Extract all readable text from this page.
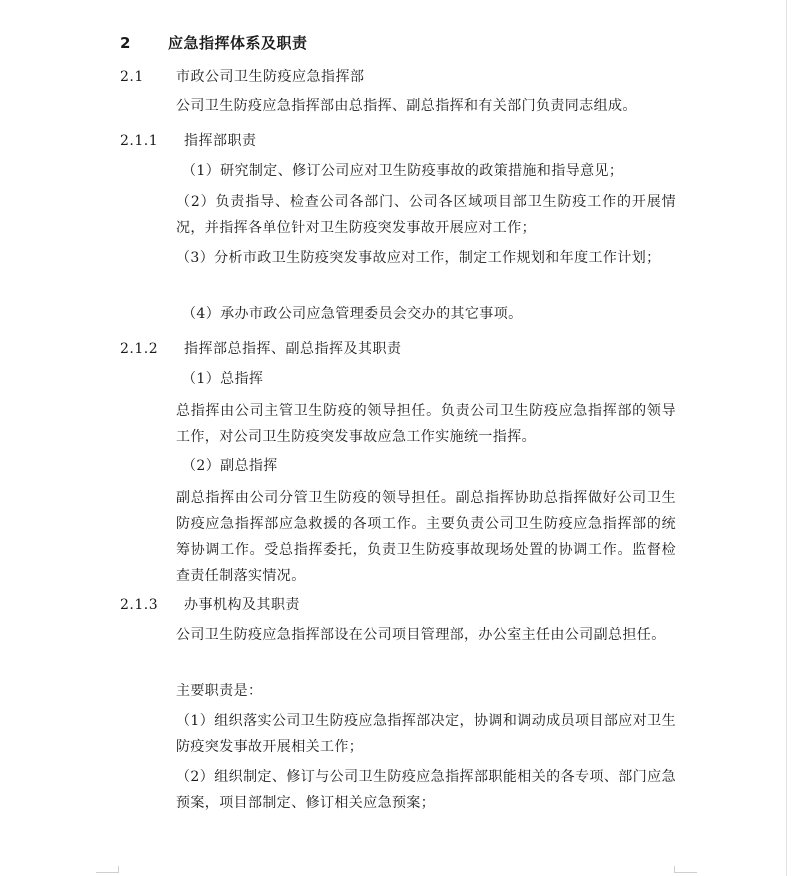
2 应急指挥体系及职责
2.1 市政公司卫生防疫应急指挥部

公司卫生防疫应急指挥部由总指挥、副总指挥和有关部门负责同志组成。

2.1.1 指挥部职责

（1）研究制定、修订公司应对卫生防疫事故的政策措施和指导意见；

（2）负责指导、检查公司各部门、公司各区域项目部卫生防疫工作的开展情况，并指挥各单位针对卫生防疫突发事故开展应对工作；

（3）分析市政卫生防疫突发事故应对工作，制定工作规划和年度工作计划；

（4）承办市政公司应急管理委员会交办的其它事项。

2.1.2 指挥部总指挥、副总指挥及其职责

（1）总指挥

总指挥由公司主管卫生防疫的领导担任。负责公司卫生防疫应急指挥部的领导工作，对公司卫生防疫突发事故应急工作实施统一指挥。

（2）副总指挥

副总指挥由公司分管卫生防疫的领导担任。副总指挥协助总指挥做好公司卫生 防疫应急指挥部应急救援的各项工作。主要负责公司卫生防疫应急指挥部的统筹协调工作。受总指挥委托，负责卫生防疫事故现场处置的协调工作。监督检查责任制落实情况。

2.1.3 办事机构及其职责

公司卫生防疫应急指挥部设在公司项目管理部，办公室主任由公司副总担任。

主要职责是：

（1）组织落实公司卫生防疫应急指挥部决定，协调和调动成员项目部应对卫生防疫突发事故开展相关工作；

（2）组织制定、修订与公司卫生防疫应急指挥部职能相关的各专项、部门应急预案，项目部制定、修订相关应急预案；
